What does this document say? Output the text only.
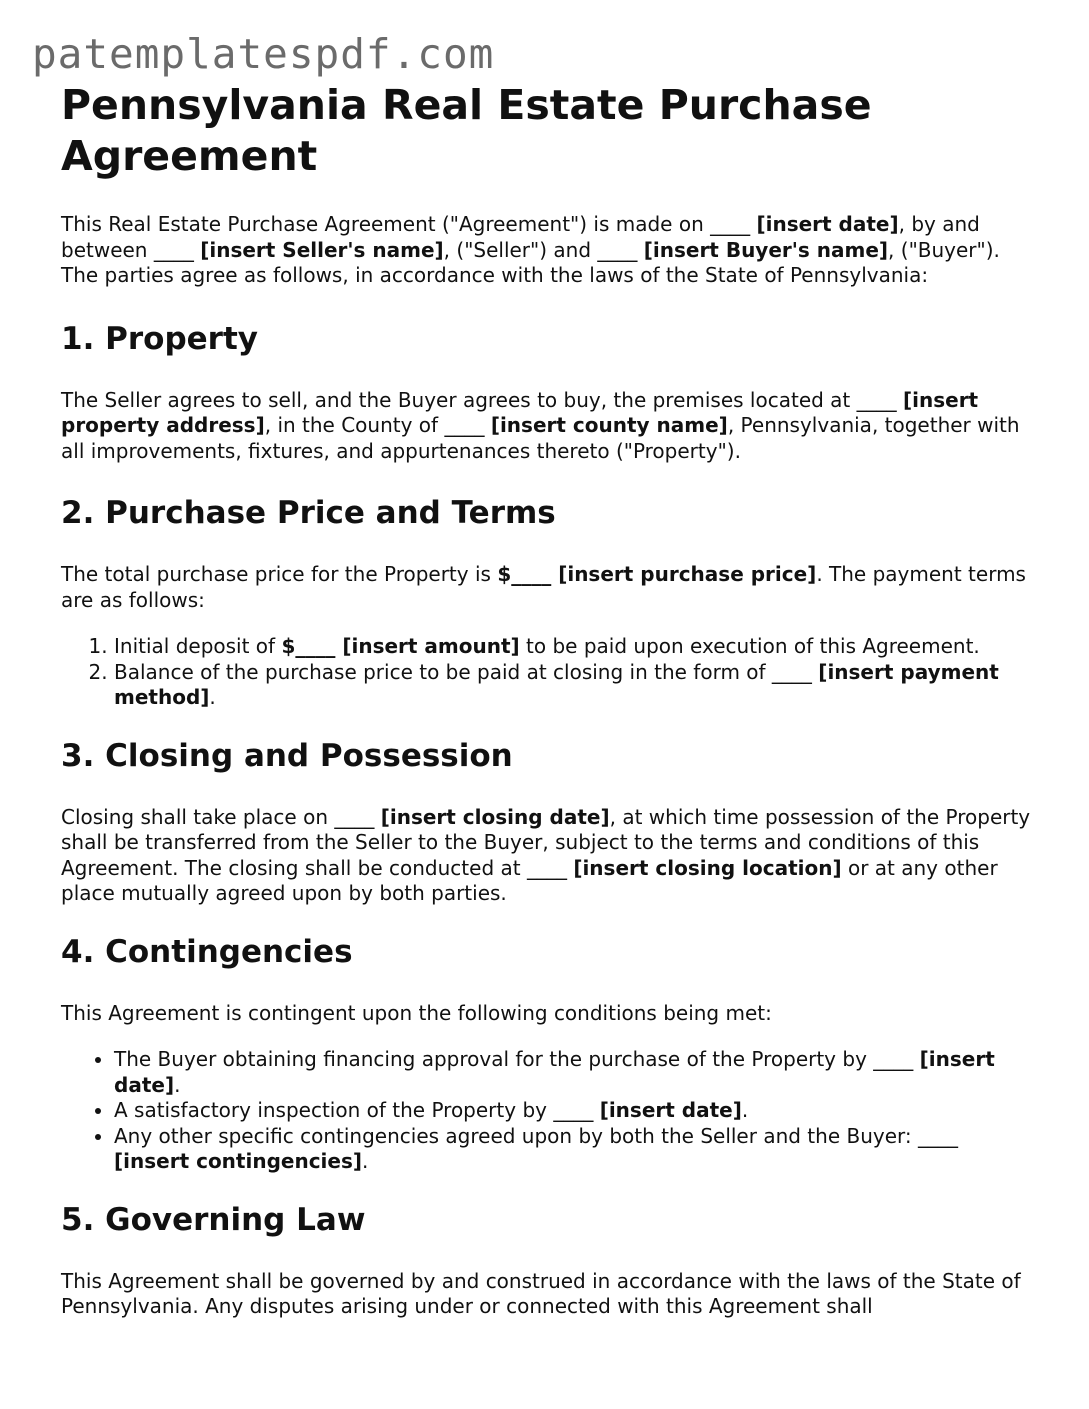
patemplatespdf.com
Pennsylvania Real Estate Purchase Agreement

This Real Estate Purchase Agreement ("Agreement") is made on ____ [insert date], by and between ____ [insert Seller's name], ("Seller") and ____ [insert Buyer's name], ("Buyer"). The parties agree as follows, in accordance with the laws of the State of Pennsylvania:

1. Property

The Seller agrees to sell, and the Buyer agrees to buy, the premises located at ____ [insert property address], in the County of ____ [insert county name], Pennsylvania, together with all improvements, fixtures, and appurtenances thereto ("Property").

2. Purchase Price and Terms

The total purchase price for the Property is $____ [insert purchase price]. The payment terms are as follows:

1. Initial deposit of $____ [insert amount] to be paid upon execution of this Agreement.
2. Balance of the purchase price to be paid at closing in the form of ____ [insert payment method].
3. Closing and Possession

Closing shall take place on ____ [insert closing date], at which time possession of the Property shall be transferred from the Seller to the Buyer, subject to the terms and conditions of this Agreement. The closing shall be conducted at ____ [insert closing location] or at any other place mutually agreed upon by both parties.

4. Contingencies

This Agreement is contingent upon the following conditions being met:

• The Buyer obtaining financing approval for the purchase of the Property by ____ [insert date].
• A satisfactory inspection of the Property by ____ [insert date].
• Any other specific contingencies agreed upon by both the Seller and the Buyer: ____ [insert contingencies].
5. Governing Law

This Agreement shall be governed by and construed in accordance with the laws of the State of Pennsylvania. Any disputes arising under or connected with this Agreement shall
